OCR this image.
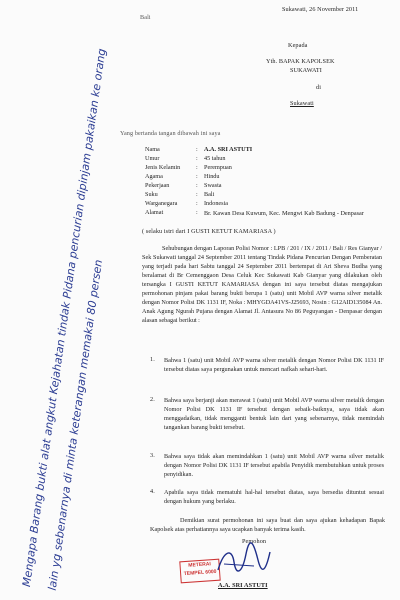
Mengapa Barang bukti alat angkut Kejahatan tindak Pidana pencurian dipinjam pakaikan ke orang lain yg sebenarnya di minta keterangan memakai 80 persen
Bali
Sukawati, 26 November 2011
Kepada
Yth. BAPAK KAPOLSEK
SUKAWATI
di
Sukawati
Yang bertanda tangan dibawah ini saya
Nama	: A.A. SRI ASTUTI
Umur	: 45 tahun
Jenis Kelamin	: Perempuan
Agama	: Hindu
Pekerjaan	: Swasta
Suku	: Bali
Warganegara	: Indonesia
Alamat	: Br. Kawan Desa Kuwum, Kec. Mengwi Kab Badung - Denpasar
( selaku istri dari I GUSTI KETUT KAMARIASA )
Sehubungan dengan Laporan Polisi Nomor : LPB / 201 / IX / 2011 / Bali / Res Gianyar / Sek Sukawati tanggal 24 September 2011 tentang Tindak Pidana Pencurian Dengan Pemberatan yang terjadi pada hari Sabtu tanggal 24 September 2011 bertempat di Ari Sheva Budha yang beralamat di Br Cemenggaon Desa Celuk Kec Sukawati Kab Gianyar yang dilakukan oleh tersangka I GUSTI KETUT KAMARIASA dengan ini saya tersebut diatas mengajukan permohonan pinjam pakai barang bukti berupa 1 (satu) unit Mobil AVP warna silver metalik dengan Nomor Polisi DK 1131 IF, Noka : MHYGDA41VS-J25693, Nosin : G12AID135084 An. Anak Agung Ngurah Pujana dengan Alamat Jl. Antasura No 86 Peguyangan - Denpasar dengan alasan sebagai berikut :
1. Bahwa 1 (satu) unit Mobil AVP warna silver metalik dengan Nomor Polisi DK 1131 IF tersebut diatas saya pergunakan untuk mencari nafkah sehari-hari.
2. Bahwa saya berjanji akan merawat 1 (satu) unit Mobil AVP warna silver metalik dengan Nomor Polisi DK 1131 IF tersebut dengan sebaik-baiknya, saya tidak akan menggadaikan, tidak mengganti bentuk lain dari yang sebenarnya, tidak memindah tangankan barang bukti tersebut.
3. Bahwa saya tidak akan memindahkan 1 (satu) unit Mobil AVP warna silver metalik dengan Nomor Polisi DK 1131 IF tersebut apabila Penyidik membutuhkan untuk proses penyidikan.
4. Apabila saya tidak mematuhi hal-hal tersebut diatas, saya bersedia dituntut sesuai dengan hukum yang berlaku.
Demikian surat permohonan ini saya buat dan saya ajukan kehadapan Bapak Kapolsek atas perhatiannya saya ucapkan banyak terima kasih.
Pemohon
METERAI TEMPEL 6000
A.A. SRI ASTUTI
